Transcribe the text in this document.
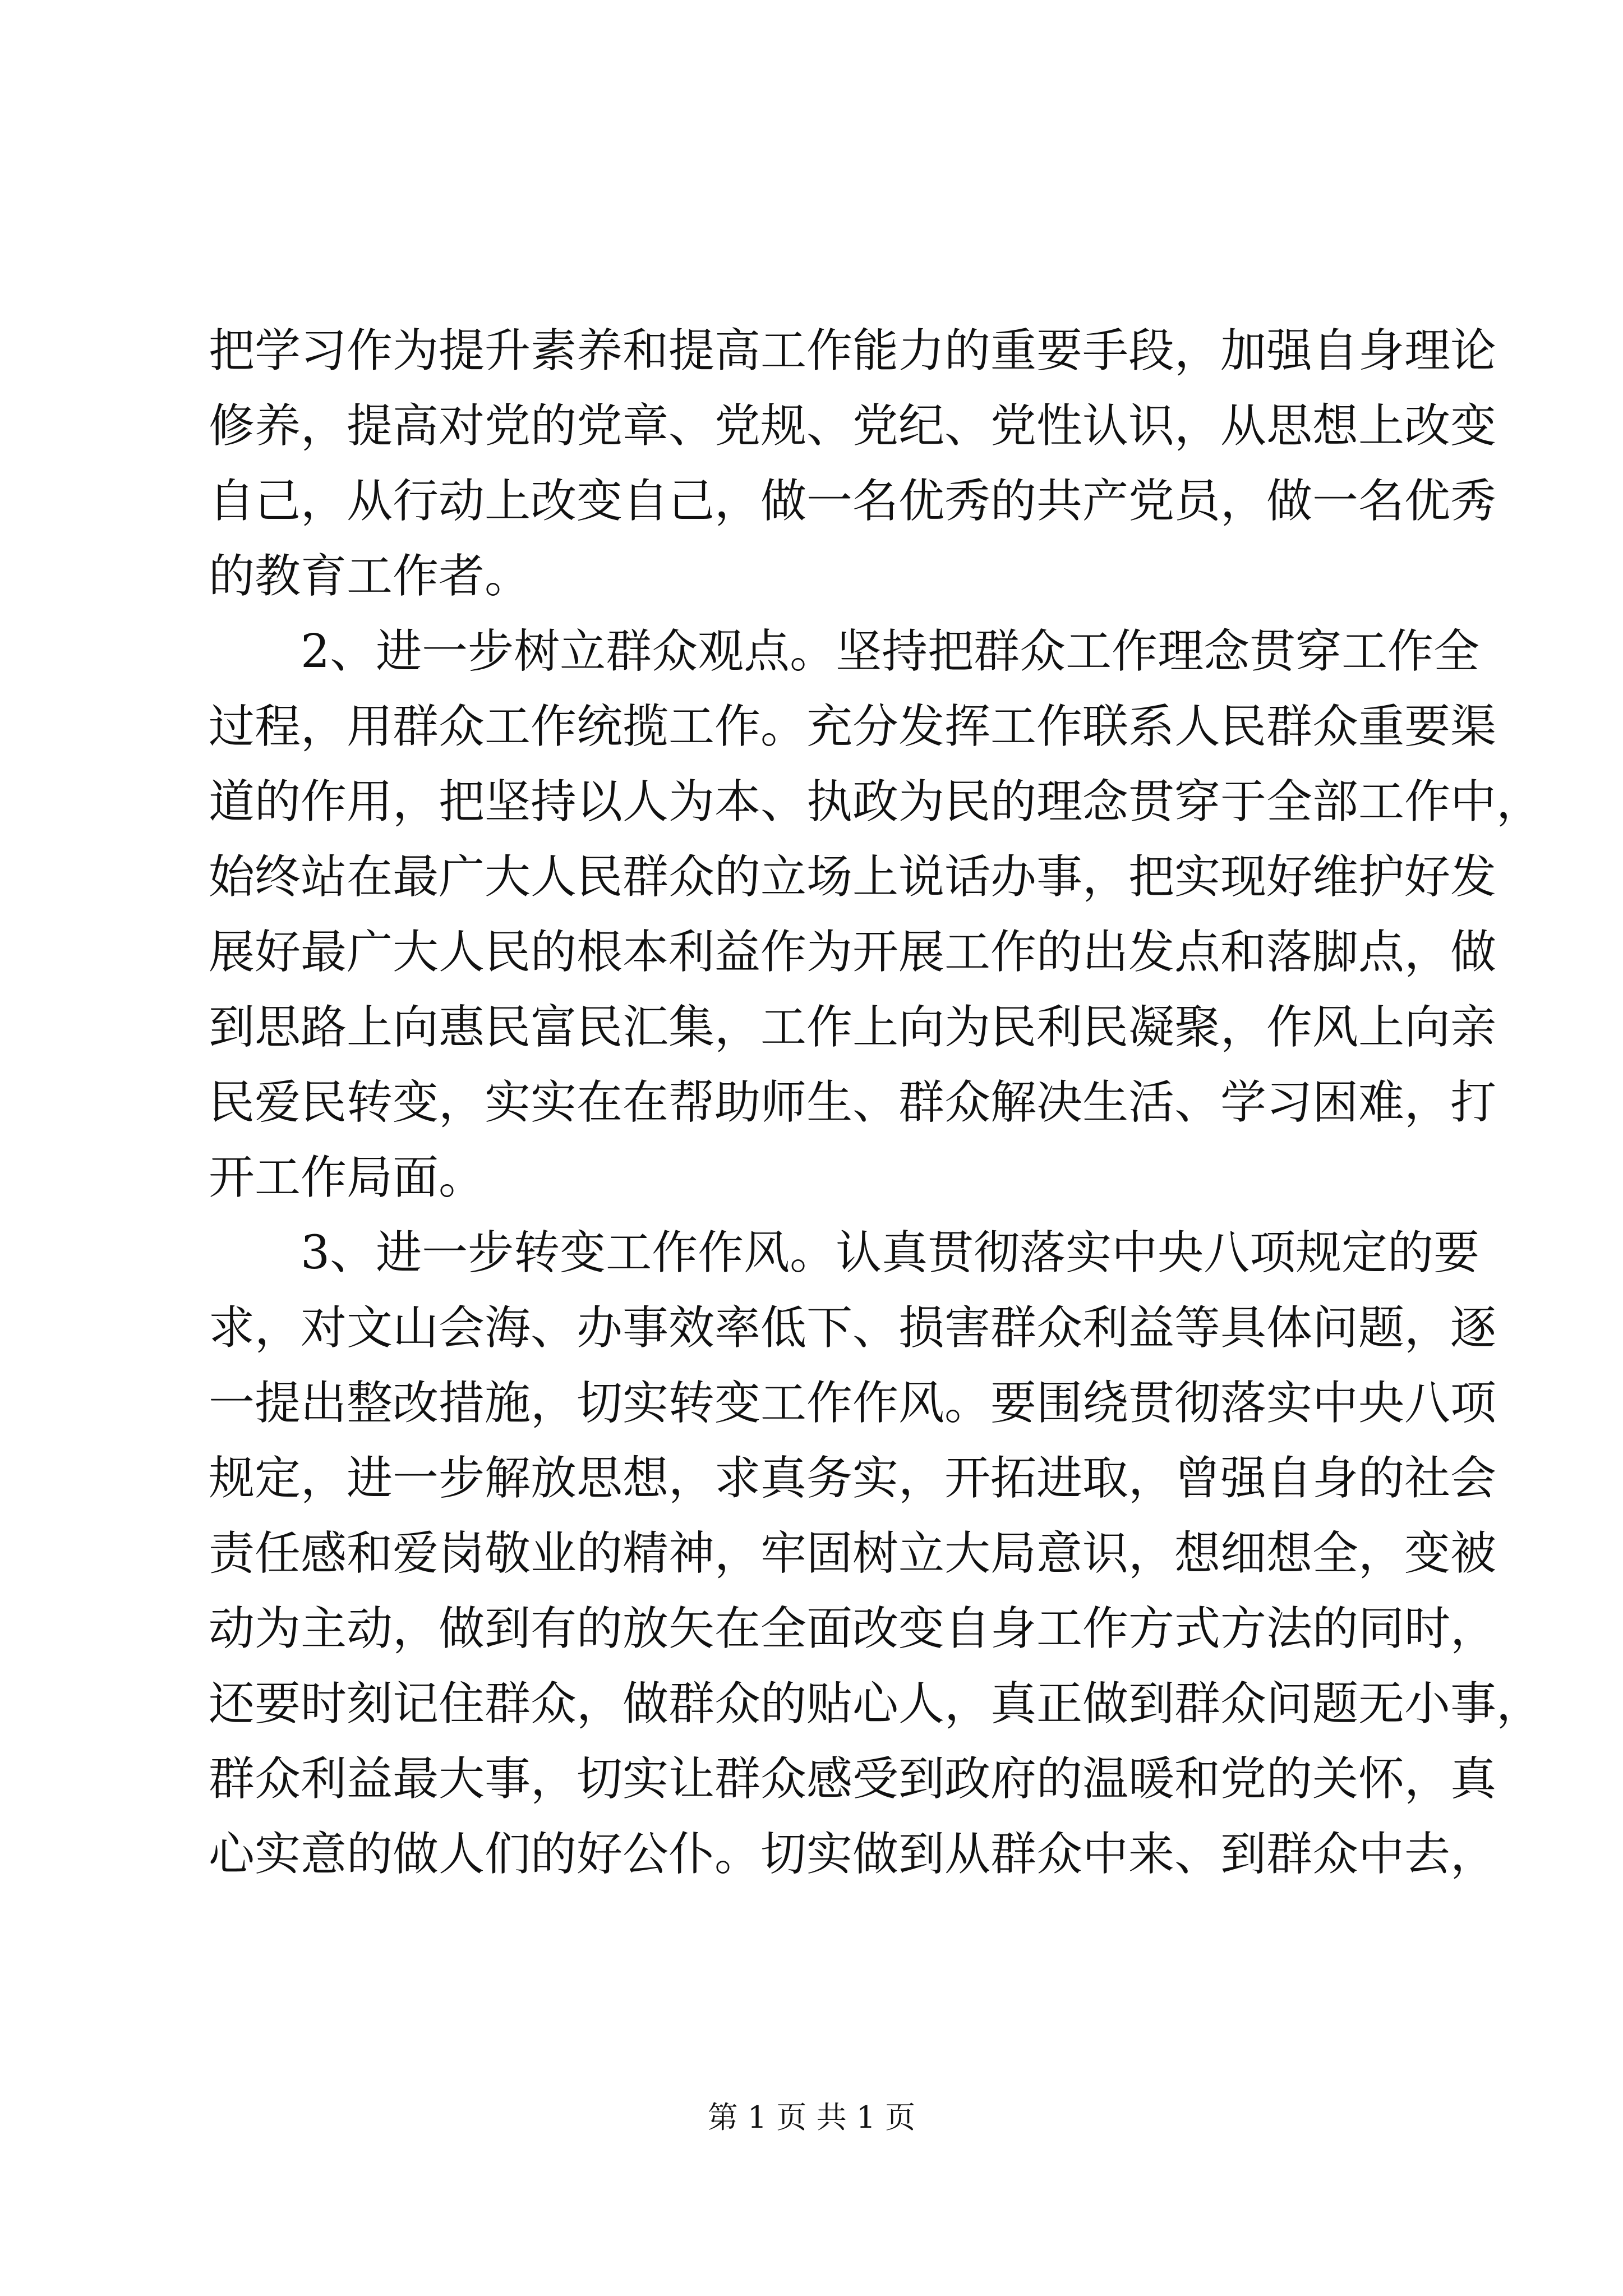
把学习作为提升素养和提高工作能力的重要手段，加强自身理论
修养，提高对党的党章、党规、党纪、党性认识，从思想上改变
自己，从行动上改变自己，做一名优秀的共产党员，做一名优秀
的教育工作者。
2、进一步树立群众观点。坚持把群众工作理念贯穿工作全
过程，用群众工作统揽工作。充分发挥工作联系人民群众重要渠
道的作用，把坚持以人为本、执政为民的理念贯穿于全部工作中，
始终站在最广大人民群众的立场上说话办事，把实现好维护好发
展好最广大人民的根本利益作为开展工作的出发点和落脚点，做
到思路上向惠民富民汇集，工作上向为民利民凝聚，作风上向亲
民爱民转变，实实在在帮助师生、群众解决生活、学习困难，打
开工作局面。
3、进一步转变工作作风。认真贯彻落实中央八项规定的要
求，对文山会海、办事效率低下、损害群众利益等具体问题，逐
一提出整改措施，切实转变工作作风。要围绕贯彻落实中央八项
规定，进一步解放思想，求真务实，开拓进取，曾强自身的社会
责任感和爱岗敬业的精神，牢固树立大局意识，想细想全，变被
动为主动，做到有的放矢在全面改变自身工作方式方法的同时，
还要时刻记住群众，做群众的贴心人，真正做到群众问题无小事，
群众利益最大事，切实让群众感受到政府的温暖和党的关怀，真
心实意的做人们的好公仆。切实做到从群众中来、到群众中去，
第 1 页 共 1 页
